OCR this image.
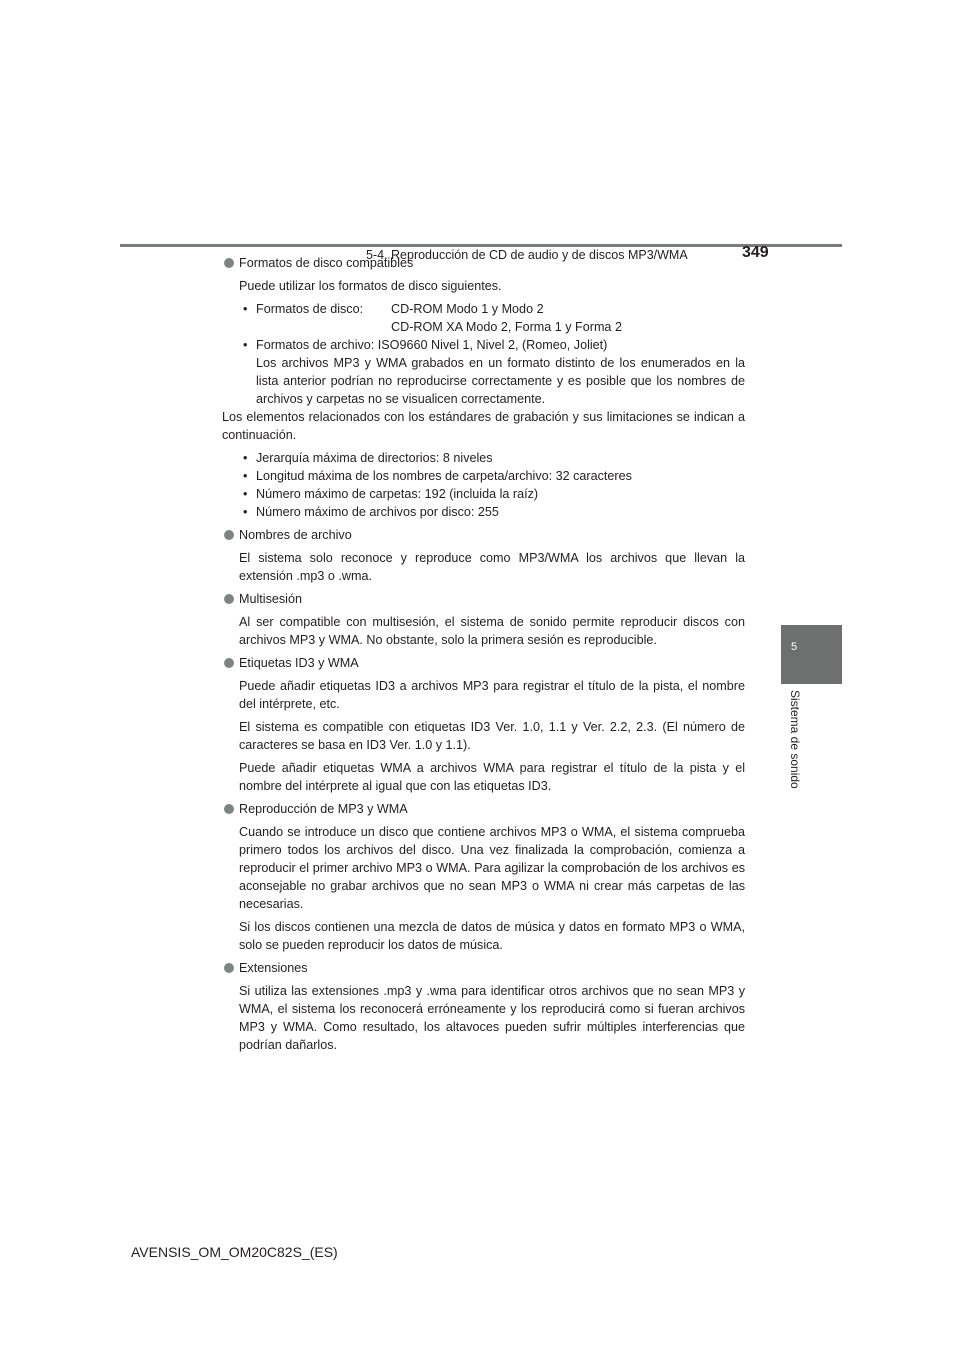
5-4. Reproducción de CD de audio y de discos MP3/WMA	349
5
Sistema de sonido

Formatos de disco compatibles

Puede utilizar los formatos de disco siguientes.

• Formatos de disco:	CD-ROM Modo 1 y Modo 2
CD-ROM XA Modo 2, Forma 1 y Forma 2
• Formatos de archivo: ISO9660 Nivel 1, Nivel 2, (Romeo, Joliet)

Los archivos MP3 y WMA grabados en un formato distinto de los enumerados en la lista anterior podrían no reproducirse correctamente y es posible que los nombres de archivos y carpetas no se visualicen correctamente.

Los elementos relacionados con los estándares de grabación y sus limitaciones se indican a continuación.

• Jerarquía máxima de directorios: 8 niveles
• Longitud máxima de los nombres de carpeta/archivo: 32 caracteres
• Número máximo de carpetas: 192 (incluida la raíz)
• Número máximo de archivos por disco: 255

Nombres de archivo

El sistema solo reconoce y reproduce como MP3/WMA los archivos que llevan la extensión .mp3 o .wma.

Multisesión

Al ser compatible con multisesión, el sistema de sonido permite reproducir discos con archivos MP3 y WMA. No obstante, solo la primera sesión es reproducible.

Etiquetas ID3 y WMA

Puede añadir etiquetas ID3 a archivos MP3 para registrar el título de la pista, el nombre del intérprete, etc.

El sistema es compatible con etiquetas ID3 Ver. 1.0, 1.1 y Ver. 2.2, 2.3. (El número de caracteres se basa en ID3 Ver. 1.0 y 1.1).

Puede añadir etiquetas WMA a archivos WMA para registrar el título de la pista y el nombre del intérprete al igual que con las etiquetas ID3.

Reproducción de MP3 y WMA

Cuando se introduce un disco que contiene archivos MP3 o WMA, el sistema comprueba primero todos los archivos del disco. Una vez finalizada la comprobación, comienza a reproducir el primer archivo MP3 o WMA. Para agilizar la comprobación de los archivos es aconsejable no grabar archivos que no sean MP3 o WMA ni crear más carpetas de las necesarias.

Si los discos contienen una mezcla de datos de música y datos en formato MP3 o WMA, solo se pueden reproducir los datos de música.

Extensiones

Si utiliza las extensiones .mp3 y .wma para identificar otros archivos que no sean MP3 y WMA, el sistema los reconocerá erróneamente y los reproducirá como si fueran archivos MP3 y WMA. Como resultado, los altavoces pueden sufrir múltiples interferencias que podrían dañarlos.

AVENSIS_OM_OM20C82S_(ES)
